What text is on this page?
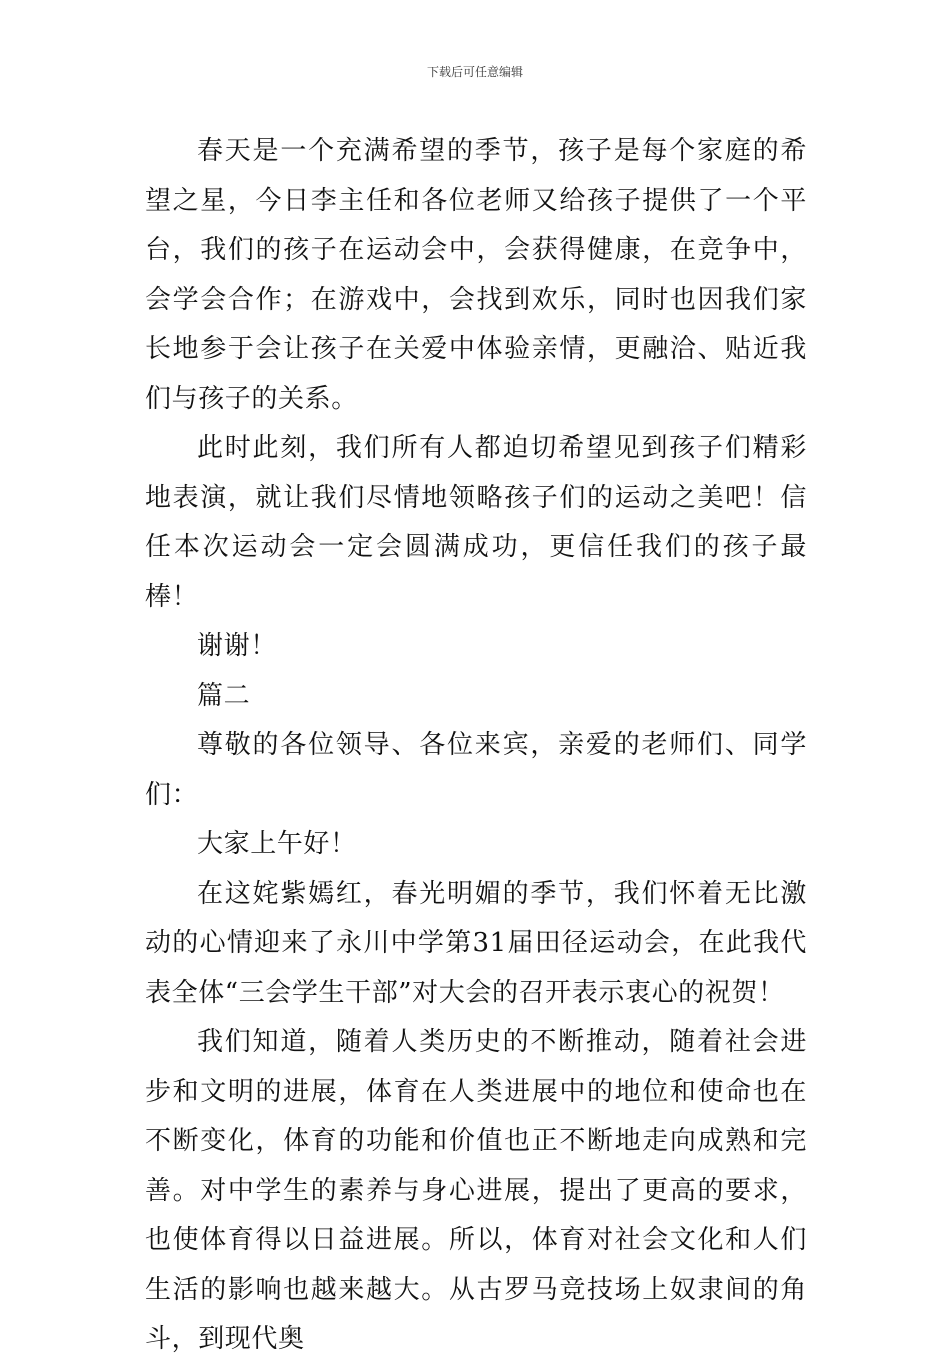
下载后可任意编辑

春天是一个充满希望的季节，孩子是每个家庭的希望之星，今日李主任和各位老师又给孩子提供了一个平台，我们的孩子在运动会中，会获得健康，在竞争中，会学会合作；在游戏中，会找到欢乐，同时也因我们家长地参于会让孩子在关爱中体验亲情，更融洽、贴近我们与孩子的关系。

此时此刻，我们所有人都迫切希望见到孩子们精彩地表演，就让我们尽情地领略孩子们的运动之美吧！信任本次运动会一定会圆满成功，更信任我们的孩子最棒！

谢谢！

篇二

尊敬的各位领导、各位来宾，亲爱的老师们、同学们：

大家上午好！

在这姹紫嫣红，春光明媚的季节，我们怀着无比激动的心情迎来了永川中学第31届田径运动会，在此我代表全体“三会学生干部”对大会的召开表示衷心的祝贺！

我们知道，随着人类历史的不断推动，随着社会进步和文明的进展，体育在人类进展中的地位和使命也在不断变化，体育的功能和价值也正不断地走向成熟和完善。对中学生的素养与身心进展，提出了更高的要求，也使体育得以日益进展。所以，体育对社会文化和人们生活的影响也越来越大。从古罗马竞技场上奴隶间的角斗，到现代奥
